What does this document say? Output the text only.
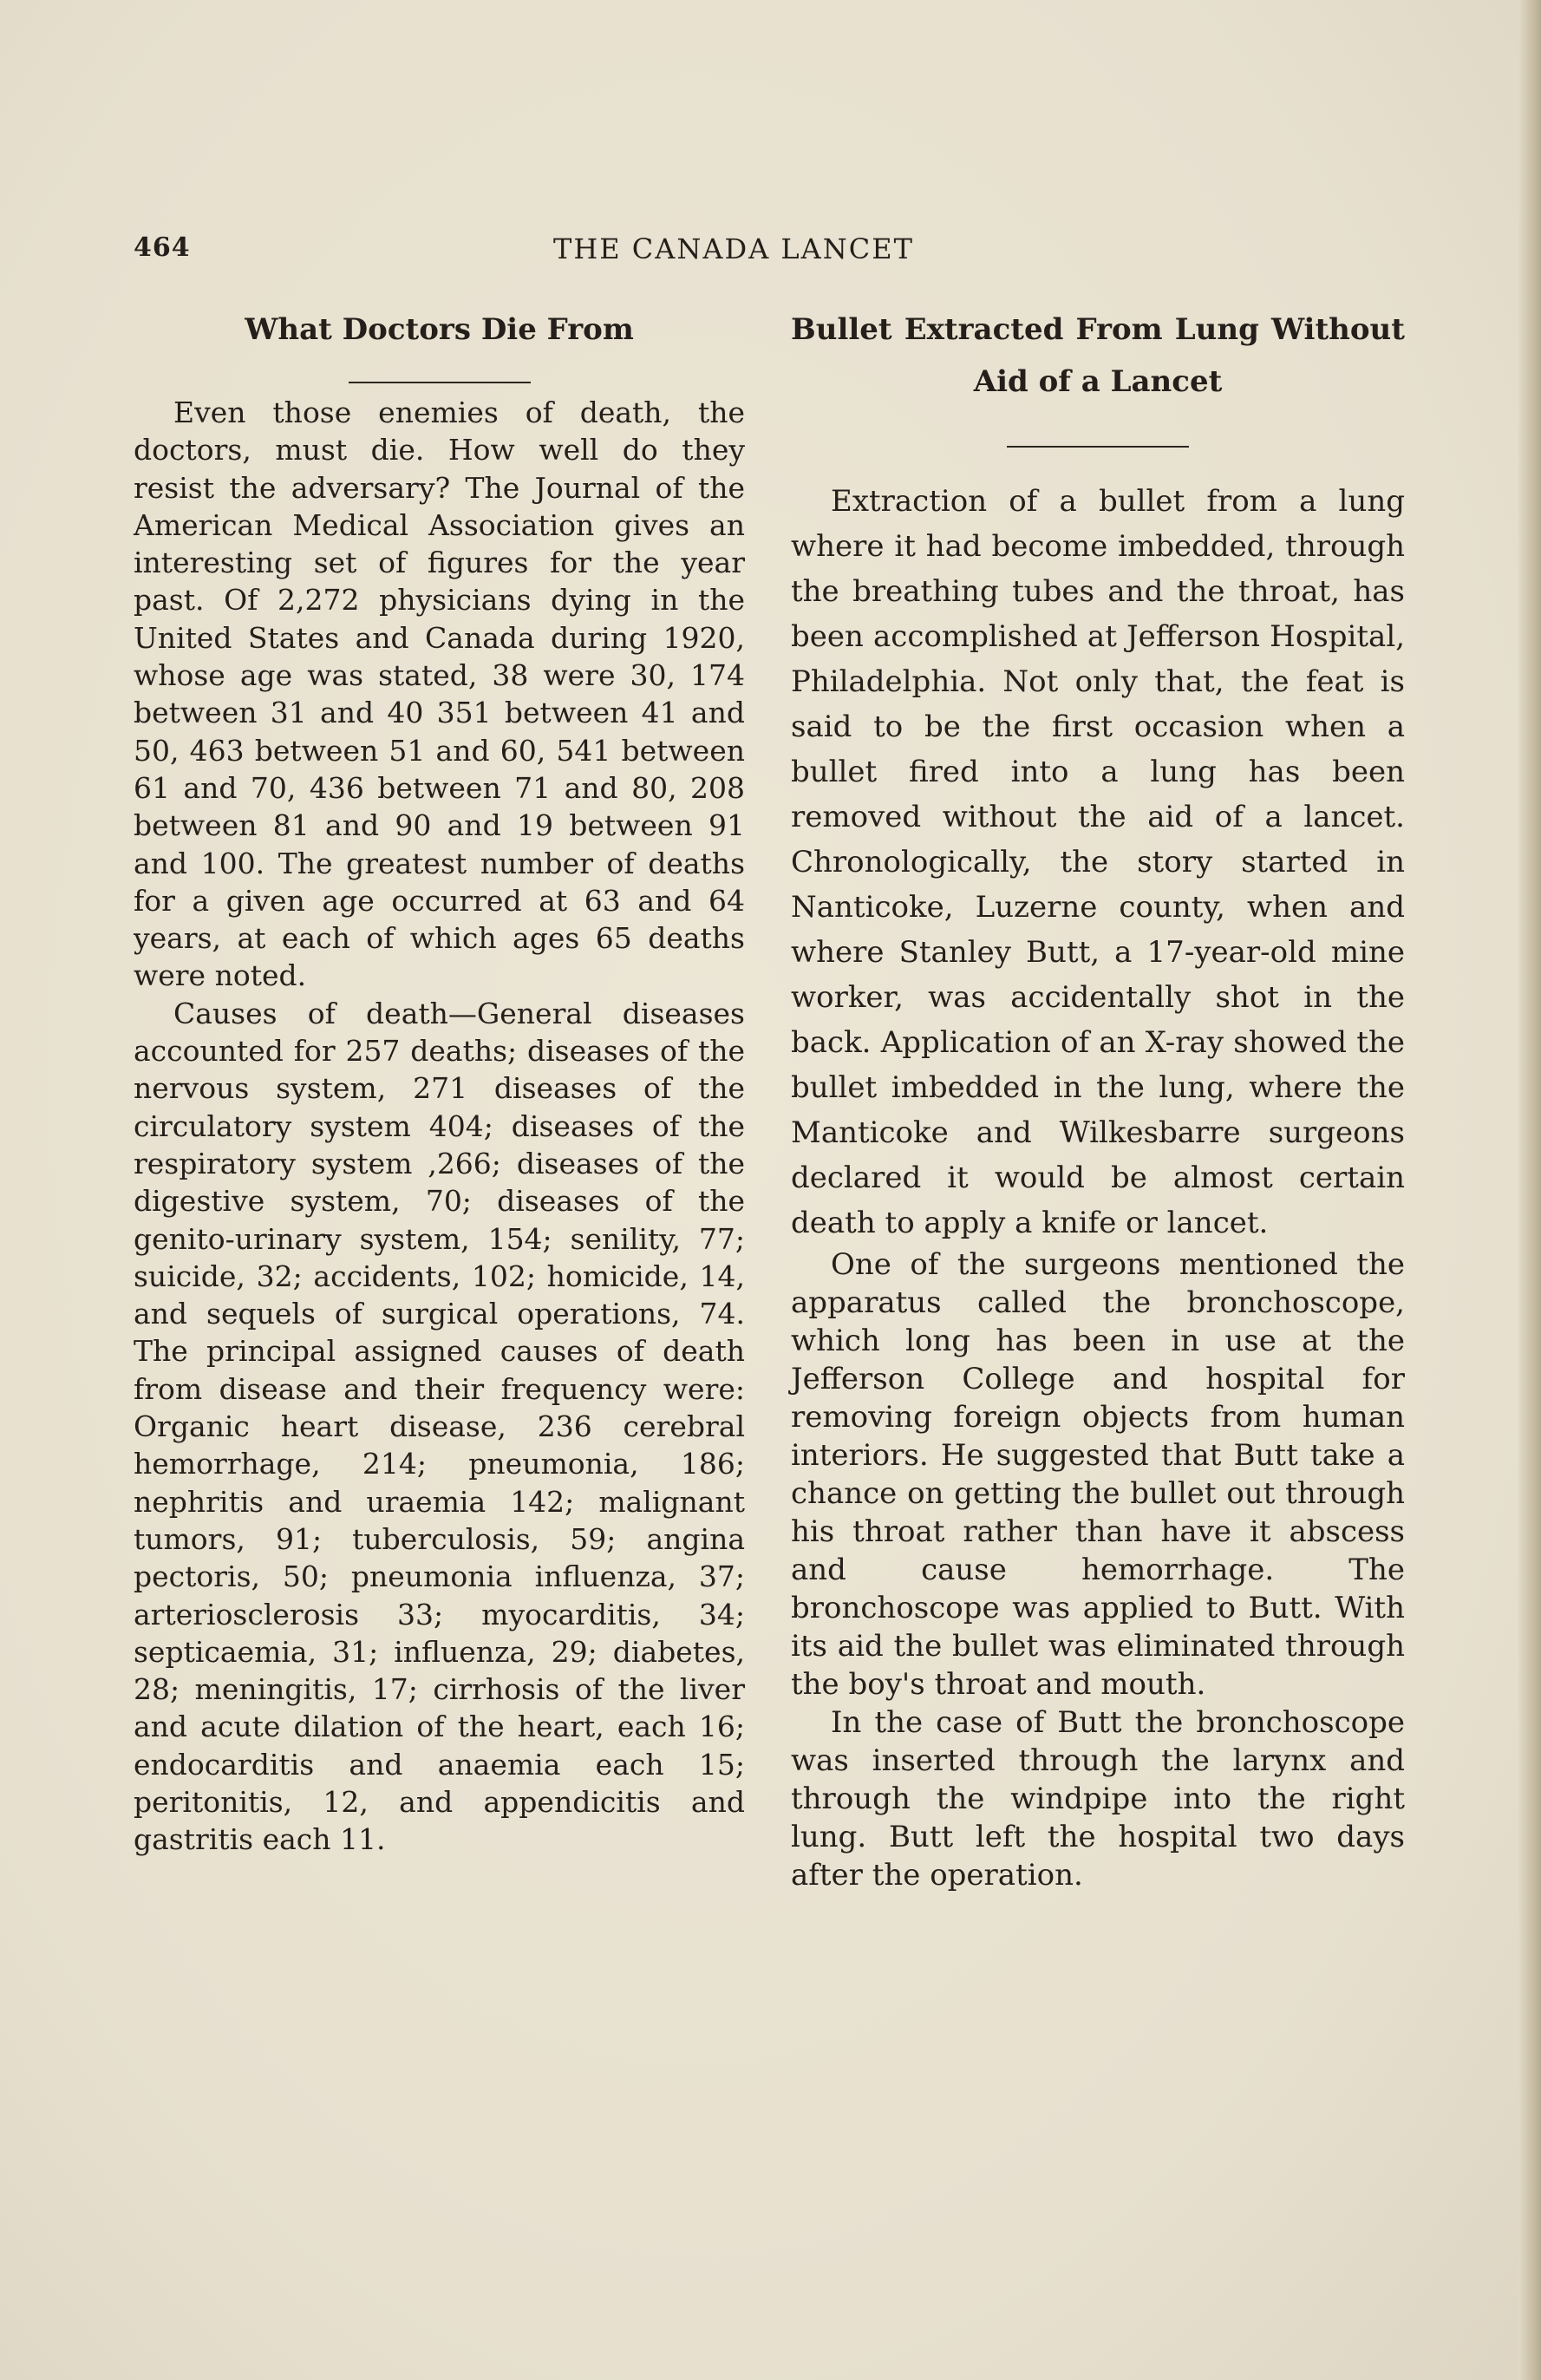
464	THE CANADA LANCET
What Doctors Die From

Even those enemies of death, the doctors, must die. How well do they resist the adversary? The Journal of the American Medical Association gives an interesting set of figures for the year past. Of 2,272 physicians dying in the United States and Canada during 1920, whose age was stated, 38 were 30, 174 between 31 and 40 351 between 41 and 50, 463 between 51 and 60, 541 between 61 and 70, 436 between 71 and 80, 208 between 81 and 90 and 19 between 91 and 100. The greatest number of deaths for a given age occurred at 63 and 64 years, at each of which ages 65 deaths were noted.

Causes of death—General diseases accounted for 257 deaths; diseases of the nervous system, 271 diseases of the circulatory system 404; diseases of the respiratory system ,266; diseases of the digestive system, 70; diseases of the genito-urinary system, 154; senility, 77; suicide, 32; accidents, 102; homicide, 14, and sequels of surgical operations, 74. The principal assigned causes of death from disease and their frequency were: Organic heart disease, 236 cerebral hemorrhage, 214; pneumonia, 186; nephritis and uraemia 142; malignant tumors, 91; tuberculosis, 59; angina pectoris, 50; pneumonia influenza, 37; arteriosclerosis 33; myocarditis, 34; septicaemia, 31; influenza, 29; diabetes, 28; meningitis, 17; cirrhosis of the liver and acute dilation of the heart, each 16; endocarditis and anaemia each 15; peritonitis, 12, and appendicitis and gastritis each 11.

Bullet Extracted From Lung Without Aid of a Lancet

Extraction of a bullet from a lung where it had become imbedded, through the breathing tubes and the throat, has been accomplished at Jefferson Hospital, Philadelphia. Not only that, the feat is said to be the first occasion when a bullet fired into a lung has been removed without the aid of a lancet. Chronologically, the story started in Nanticoke, Luzerne county, when and where Stanley Butt, a 17-year-old mine worker, was accidentally shot in the back. Application of an X-ray showed the bullet imbedded in the lung, where the Manticoke and Wilkesbarre surgeons declared it would be almost certain death to apply a knife or lancet.

One of the surgeons mentioned the apparatus called the bronchoscope, which long has been in use at the Jefferson College and hospital for removing foreign objects from human interiors. He suggested that Butt take a chance on getting the bullet out through his throat rather than have it abscess and cause hemorrhage. The bronchoscope was applied to Butt. With its aid the bullet was eliminated through the boy's throat and mouth.

In the case of Butt the bronchoscope was inserted through the larynx and through the windpipe into the right lung. Butt left the hospital two days after the operation.
